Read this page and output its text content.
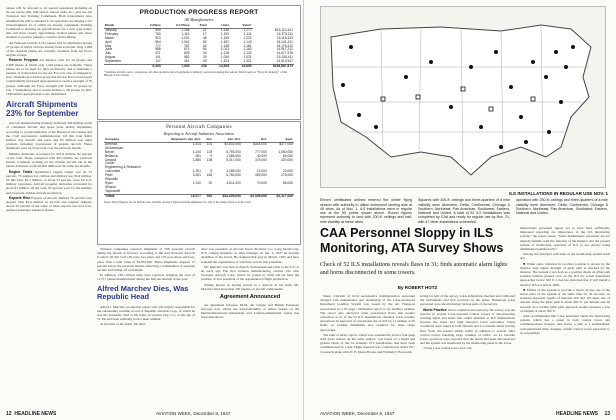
planes will be devoted to 22 special squadrons including an air-sea rescue unit, helicopters, liaison units, etc., plus the Air Transport and Training Commands. Both replacement rates submitted the ATC's standard C-54 operations are Boeing C-97 Stratofreighters 15 of which are already completed. Training Command is drawing up specifications for a new type trainer that will most closely approximate tactical planes and allow students to practice gunnery, rocketry and bombing.

Air National Guard's 3,212 planes will be distributed among 27 groups of which 16 have already been activated. Only 2,084 of the required planes are currently available from Air Force surplus storage.

Reserve Program Air Reserve calls for 34 groups and 2,368 planes of which only 1,244 planes are available. These planes are to be used for pilot proficiency and to maintain a nucleus of trained men for the Air Force in case of emergency. Gen. Vandenberg told that group that the Air Force would need a substantially increased appropriation to reach a strength of 70 groups. Although Air Force strength will reach 55 groups by Jan. 1 Vandenberg said it would decline to 48 groups by mid-1948 unless appropriations were maintained.

Aircraft Shipments 23% for September

Aircraft manufacturing industry delivered 346 million worth of completed aircraft and spare parts during September, according to a joint tabulation of the Bureau of the Census and the Civil Aeronautics Administration. Of this total $46.9 million was aircraft and parts and $5 million was other products including conversions of surplus aircraft. These shipments were up 23 percent over the previous month.

Military deliveries accounted for $37.8 million, 82 percent of the total. These compared with $23 million the previous month. Complete working on the civilian aircraft ran in the planes delivered worth $249.6 million in the same six months.

Engine Totals September's engine output was up 75 percent, 70 engines for civilian and military use $5.9 million. Of this total, $2.7 million, or about 31 percent, were for U.S. military customers. Aircraft propeller deliveries accounted for about $1 million. Of the total, 95 percent were for the military and 5 percent civilian aircraft production.

Exports Rise Exports of aircraft climbed 76 percent over August with $2.4 million in aircraft and engines shipped. About 65 percent of the value of these exports was new four-engined passenger transport planes.

PRODUCTION PROGRESS REPORT
All Manufacturers
Month	2-Place	3-4 Place	Total	Units	Value*	
January	909	1,158	21	1,148	1,277	$15,110,421
February	760	1,116	17	1,193	1,111	14,373,211
March	923	1,031	48	1,160	1,221	15,118,123
April	964	1,042	52	1,187	1,143	16,141,221
May	777	787	42	1,148	1,181	16,176,412
June	588	674	54	1,013	1,163	14,917,212
July	471	639	34	1,128	1,142	14,677,976
August	141	582	29	1,026	1,021	15,108,411
September	147	451	39	1,423	1,321	14,913,517
	6,405	7,035	238	13,525	15,650	$158,887,674
* Includes aircraft, parts, conversions, all other products and all payments to military contractors during that period. Table based on "Facts for Industry" of the Bureau of the Census.
Personal Aircraft Companies
Reporting to Aircraft Industries Association
Company	Shipments Jan.-Oct.	Oct.	Jan.-Oct.	Oct.	Sept.
Aeronca	1,414	101	$3,631,000	$318,000	$377,000
All American					
Beech	1,140	103	6,793,000	777,000	1,050,000
Bellanca	281	9	1,085,000	40,000	60,000
Cessna	1,880	108	5,217,000	379,000	420,000
Culver					
Engineering & Research					
Luscombe	1,301	9	3,185,000	12,000	20,000
Piper	3,281	163	6,780,000	409,000	275,000
Republic					
Ryan	1,140	22	4,811,000	70,000	55,000
Stinson					
Taylorcraft					
Totals	15,077	932	$34,009,000	$2,005,000	$2,317,000
Notes: Beech figures do not include Jan. and Mar. Aeronca figures include shipment of L-16s to the Army which cost $11 each.

Thirteen companies reported shipments of 798 personal aircraft during the month of October, according to the AIA Personal Aircraft Council. Of this total 105 were two-place and 179 were three and four-place with a total value of $3,934,000. These shipments dropped 17 percent below the previous month, reflecting a combination of seasonal decline and falling off of demand.

In addition, 146 civilian sales were reported, bringing the total of 11,717 planes manufactured during the first ten months of the year.

Alfred Marchev Dies, Was Republic Head

Alfred J. Marchev, production expert who was largely responsible for the outstanding wartime record of Republic Aviation Corp. of which he was the president, died at his home in Garden City, L.I., at the age of 51. He had been suffering from a heart ailment.

At the time of his death, Mr. Mar-

chev was president of Aircraft Screw Products Co., Long Island City, N.Y. Joining Republic as sales manager on Jan. 1, 1937 he became chairman of the board. He resigned that post in March, 1945 and later founded the organization of which he was its first president.

Mr. Marchev was born in Zurich, Switzerland and came to the U.S. at an early age. His first aviation manufacturing venture was with Seversky Aircraft Corp. which he joined in 1936 and he held the position of vice president of the organization's flight production.

Widely known as having served as a director in his field, Mr. Marchev held more than 100 patents on aircraft components.

Agreement Announced

An agreement between KLM, Air Lingus and British European Airways now allows the interavailability of airline tickets on the Dublin-Manchester-Amsterdam and London-Amsterdam routes has been announced.

12 HEADLINE NEWS	AVIATION WEEK, December 8, 1947
ILS INSTALLATIONS IN REGULAR USE NOV. 1
Eleven certificated airlines entered the winter flying season with authority to utilize instrument landing aids at 45 cities. As of Nov. 1, ILS installations were in regular use at the 59 points shown above. Round figures represent authority to land with 200-ft. ceilings and half-mile visibility at these cities.
Squares with 300-ft. ceilings and three-quarters of a mile visibility were Aberdeen, Delta, Continental, Chicago & Southern, Northeast, Pan American, Southwest, Eastern, National and United. A total of 52 ILS installations was completed by CAA and ready for regular use by Nov. 21, with 47 other installations scheduled.
operation with 250-ft. ceilings and three-quarters of a mile visibility were Aberdeen, Delta, Continental, Chicago & Southern, Northeast, Pan American, Southwest, Eastern, National and United.
CAA Personnel Sloppy in ILS Monitoring, ATA Survey Shows
Check of 52 ILS installations reveals flaws in 31; finds automatic alarm lights and horns disconnected in some towers.
By ROBERT HOTZ

Sharp criticism of Civil Aeronautics Administration personnel charged with maintenance and monitoring of the CAA-sponsored Instrument Landing System was issued by the Air Transport Association in a 63 page confidential report to its member airlines. The report also disclosed some operational flaws that require correction at 31 of the 52 ILS installations checked. CAA recently announced its approval of operational use of ILS by 11 airlines at 45 fields on weather minimums now required for radio range approaches.

The bulk of ATA's report, which was considerably from a four-page ATA press release on the same subject, was based on a flight and ground check of the 52 domestic ILS installations that have been commissioned by CAA. Flight research was conducted in ATA's DC-3 research plane with W. E. Dunn-Brooks and William T. Bosworth.

acting for half of the survey. CAA technicians checked and calibrated the instruments and ILS receivers in the plane. Numerous CAA personnel were aboard during various parts of the survey.

Worst Practice Worst condition uncovered by the survey was the practice in several CAA-operated control towers of disconnecting warning lights and horns that called attention to ILS malfunctions because the noise and light annoyed tower personnel. These conditions were found at both Newark and La Guardia fields serving New York, the busiest airline traffic in addition to several other control towers handling large volumes of traffic. At La Guardia tower, operators were reported that the alarm had been disconnected and the system was monitored by the monitoring panel in the tower.

"Some CAA control tower and com-

munications personnel appear not to have been sufficiently impressed regarding the importance of the ILS monitoring system," the report stated. "Some maintenance personnel are not entirely familiar with the function of the monitor and the present system of monitoring operation of ILS is not always being administered satisfactorily."

Among the principal criticisms of the monitoring system itself are:

■ While some variation in localizer position is shown by the monitor only signal strength of glide path is checked by the monitor. The present CAA devices a positive check on glide path position without ground crew on the ILS for actual instrument approaches below 300 ft. CAA has indicated that it will install a monitor ILS not before 1948.

■ Failure of the system to provide a check on any one of the seven parts of the system at the same time for 30 seconds. At standard approach speeds of between 100 and 125 mph, rate of descent along the glide path is about 600 ft. per minute and 30 seconds on a normal glide path approach would represent a loss of altitude of about 300 ft.

ATA recommended that CAA personnel check the monitoring system, which has a panel in both control tower and communications stations, and devise a plan at a standardized, well-publicized time; delegate certain control tower personnel to be responsible

AVIATION WEEK, December 8, 1947	HEADLINE NEWS 13
